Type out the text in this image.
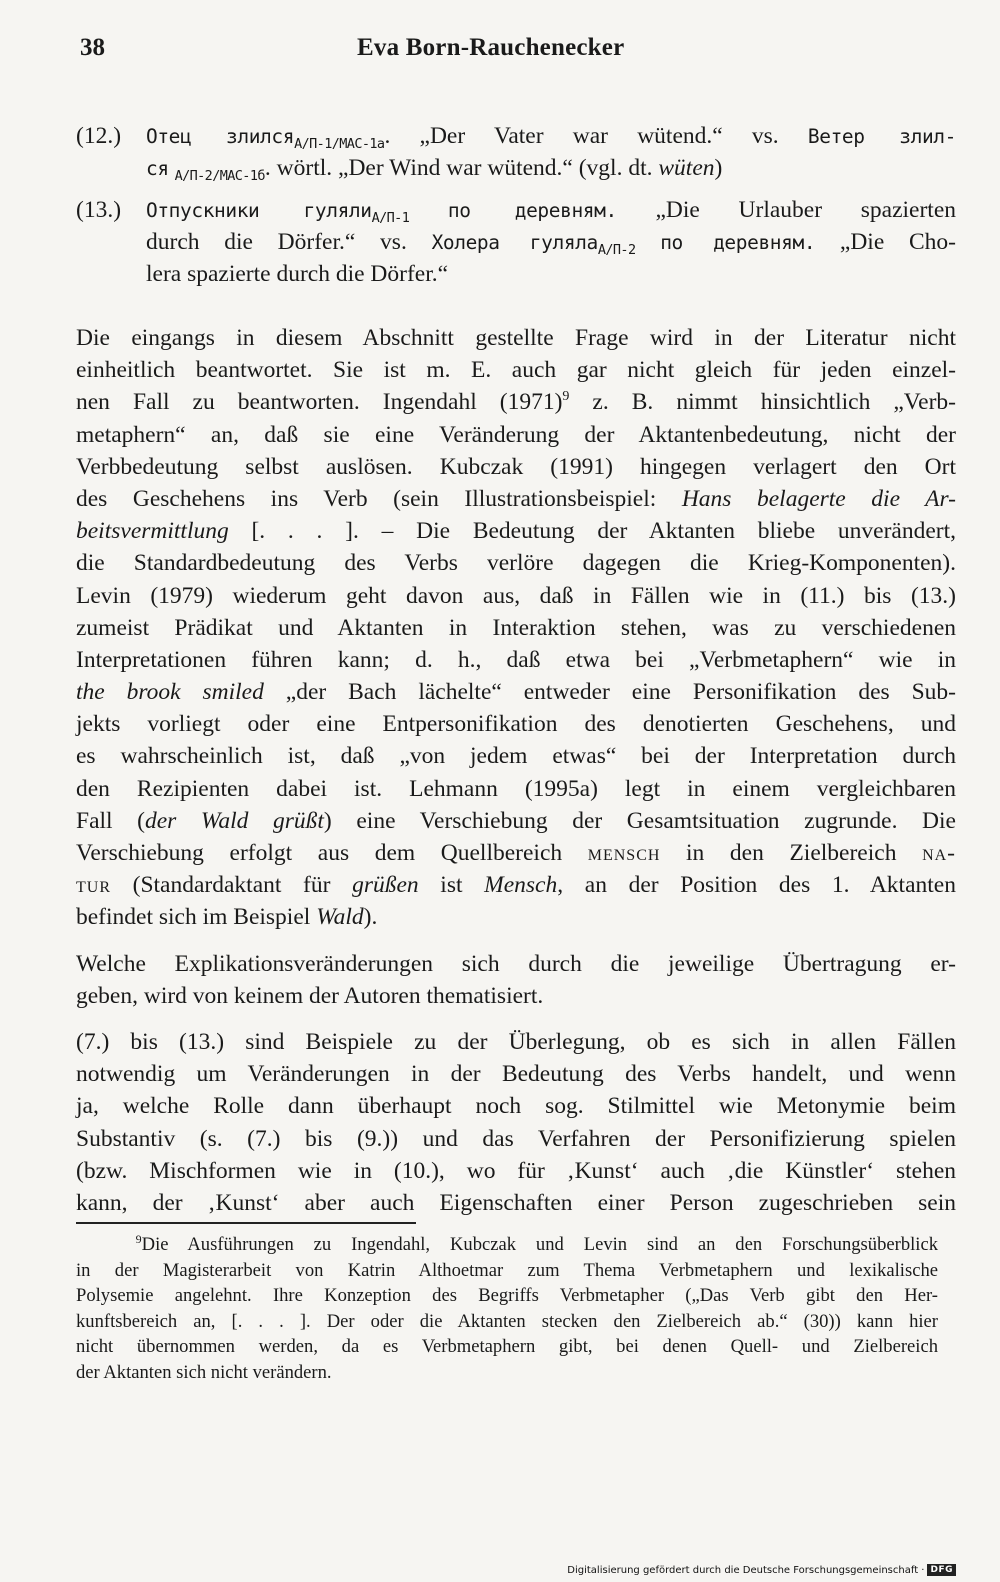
38	Eva Born-Rauchenecker
(12.)	Отец злился$_{А/П-1/МАС-1а}$. „Der Vater war wütend.“ vs. Ветер злил-
ся $_{А/П-2/МАС-1б}$. wörtl. „Der Wind war wütend.“ (vgl. dt. wüten)
(13.)	Отпускники гуляли$_{А/П-1}$ по деревням. „Die Urlauber spazierten
durch die Dörfer.“ vs. Холера гуляла$_{А/П-2}$ по деревням. „Die Cho-
lera spazierte durch die Dörfer.“
Die eingangs in diesem Abschnitt gestellte Frage wird in der Literatur nicht
einheitlich beantwortet. Sie ist m. E. auch gar nicht gleich für jeden einzel-
nen Fall zu beantworten. Ingendahl $(1971)^9$ z. B. nimmt hinsichtlich „Verb-
metaphern“ an, daß sie eine Veränderung der Aktantenbedeutung, nicht der
Verbbedeutung selbst auslösen. Kubczak (1991) hingegen verlagert den Ort
des Geschehens ins Verb (sein Illustrationsbeispiel: Hans belagerte die Ar-
beitsvermittlung [. . . ]. – Die Bedeutung der Aktanten bliebe unverändert,
die Standardbedeutung des Verbs verlöre dagegen die Krieg-Komponenten).
Levin (1979) wiederum geht davon aus, daß in Fällen wie in (11.) bis (13.)
zumeist Prädikat und Aktanten in Interaktion stehen, was zu verschiedenen
Interpretationen führen kann; d. h., daß etwa bei „Verbmetaphern“ wie in
the brook smiled „der Bach lächelte“ entweder eine Personifikation des Sub-
jekts vorliegt oder eine Entpersonifikation des denotierten Geschehens, und
es wahrscheinlich ist, daß „von jedem etwas“ bei der Interpretation durch
den Rezipienten dabei ist. Lehmann (1995a) legt in einem vergleichbaren
Fall (der Wald grüßt) eine Verschiebung der Gesamtsituation zugrunde. Die
Verschiebung erfolgt aus dem Quellbereich mensch in den Zielbereich na-
tur (Standardaktant für grüßen ist Mensch, an der Position des 1. Aktanten
befindet sich im Beispiel Wald).
Welche Explikationsveränderungen sich durch die jeweilige Übertragung er-
geben, wird von keinem der Autoren thematisiert.
(7.) bis (13.) sind Beispiele zu der Überlegung, ob es sich in allen Fällen
notwendig um Veränderungen in der Bedeutung des Verbs handelt, und wenn
ja, welche Rolle dann überhaupt noch sog. Stilmittel wie Metonymie beim
Substantiv (s. (7.) bis (9.)) und das Verfahren der Personifizierung spielen
(bzw. Mischformen wie in (10.), wo für ‚Kunst‘ auch ‚die Künstler‘ stehen
kann, der ‚Kunst‘ aber auch Eigenschaften einer Person zugeschrieben sein
$^9$Die Ausführungen zu Ingendahl, Kubczak und Levin sind an den Forschungsüberblick
in der Magisterarbeit von Katrin Althoetmar zum Thema Verbmetaphern und lexikalische
Polysemie angelehnt. Ihre Konzeption des Begriffs Verbmetapher („Das Verb gibt den Her-
kunftsbereich an, [. . . ]. Der oder die Aktanten stecken den Zielbereich ab.“ (30)) kann hier
nicht übernommen werden, da es Verbmetaphern gibt, bei denen Quell- und Zielbereich
der Aktanten sich nicht verändern.
Digitalisierung gefördert durch die Deutsche Forschungsgemeinschaft · DFG
